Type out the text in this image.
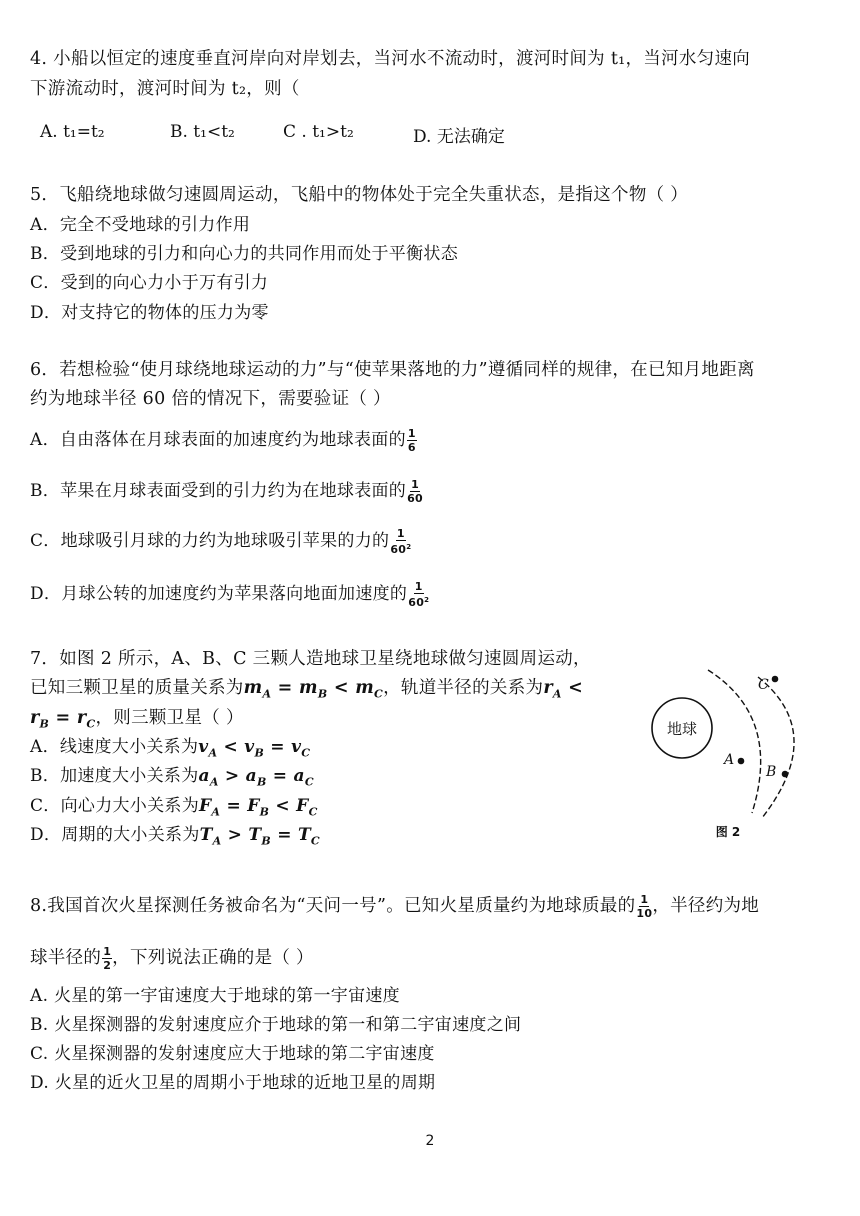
4. 小船以恒定的速度垂直河岸向对岸划去，当河水不流动时，渡河时间为 t₁，当河水匀速向
下游流动时，渡河时间为 t₂，则（
A. t₁=t₂	B. t₁<t₂	C . t₁>t₂	D. 无法确定
5．飞船绕地球做匀速圆周运动，飞船中的物体处于完全失重状态，是指这个物（ ）
A．完全不受地球的引力作用
B．受到地球的引力和向心力的共同作用而处于平衡状态
C．受到的向心力小于万有引力
D．对支持它的物体的压力为零
6．若想检验“使月球绕地球运动的力”与“使苹果落地的力”遵循同样的规律，在已知月地距离
约为地球半径 60 倍的情况下，需要验证（ ）
A．自由落体在月球表面的加速度约为地球表面的 $\frac{1}{6}$
B．苹果在月球表面受到的引力约为在地球表面的 $\frac{1}{60}$
C．地球吸引月球的力约为地球吸引苹果的力的 $\frac{1}{60^2}$
D．月球公转的加速度约为苹果落向地面加速度的 $\frac{1}{60^2}$
7．如图 2 所示，A、B、C 三颗人造地球卫星绕地球做匀速圆周运动，
已知三颗卫星的质量关系为$m_A = m_B < m_C$，轨道半径的关系为$r_A$ <
$r_B = r_C$，则三颗卫星（ ）
A．线速度大小关系为$v_A < v_B = v_C$
B．加速度大小关系为$a_A > a_B = a_C$
C．向心力大小关系为$F_A = F_B < F_C$
D．周期的大小关系为$T_A > T_B = T_C$
地球
A
B
C
图 2
8.我国首次火星探测任务被命名为“天问一号”。已知火星质量约为地球质最的 $\frac{1}{10}$ ，半径约为地
球半径的 $\frac{1}{2}$ ，下列说法正确的是（ ）
A. 火星的第一宇宙速度大于地球的第一宇宙速度
B. 火星探测器的发射速度应介于地球的第一和第二宇宙速度之间
C. 火星探测器的发射速度应大于地球的第二宇宙速度
D. 火星的近火卫星的周期小于地球的近地卫星的周期
2
